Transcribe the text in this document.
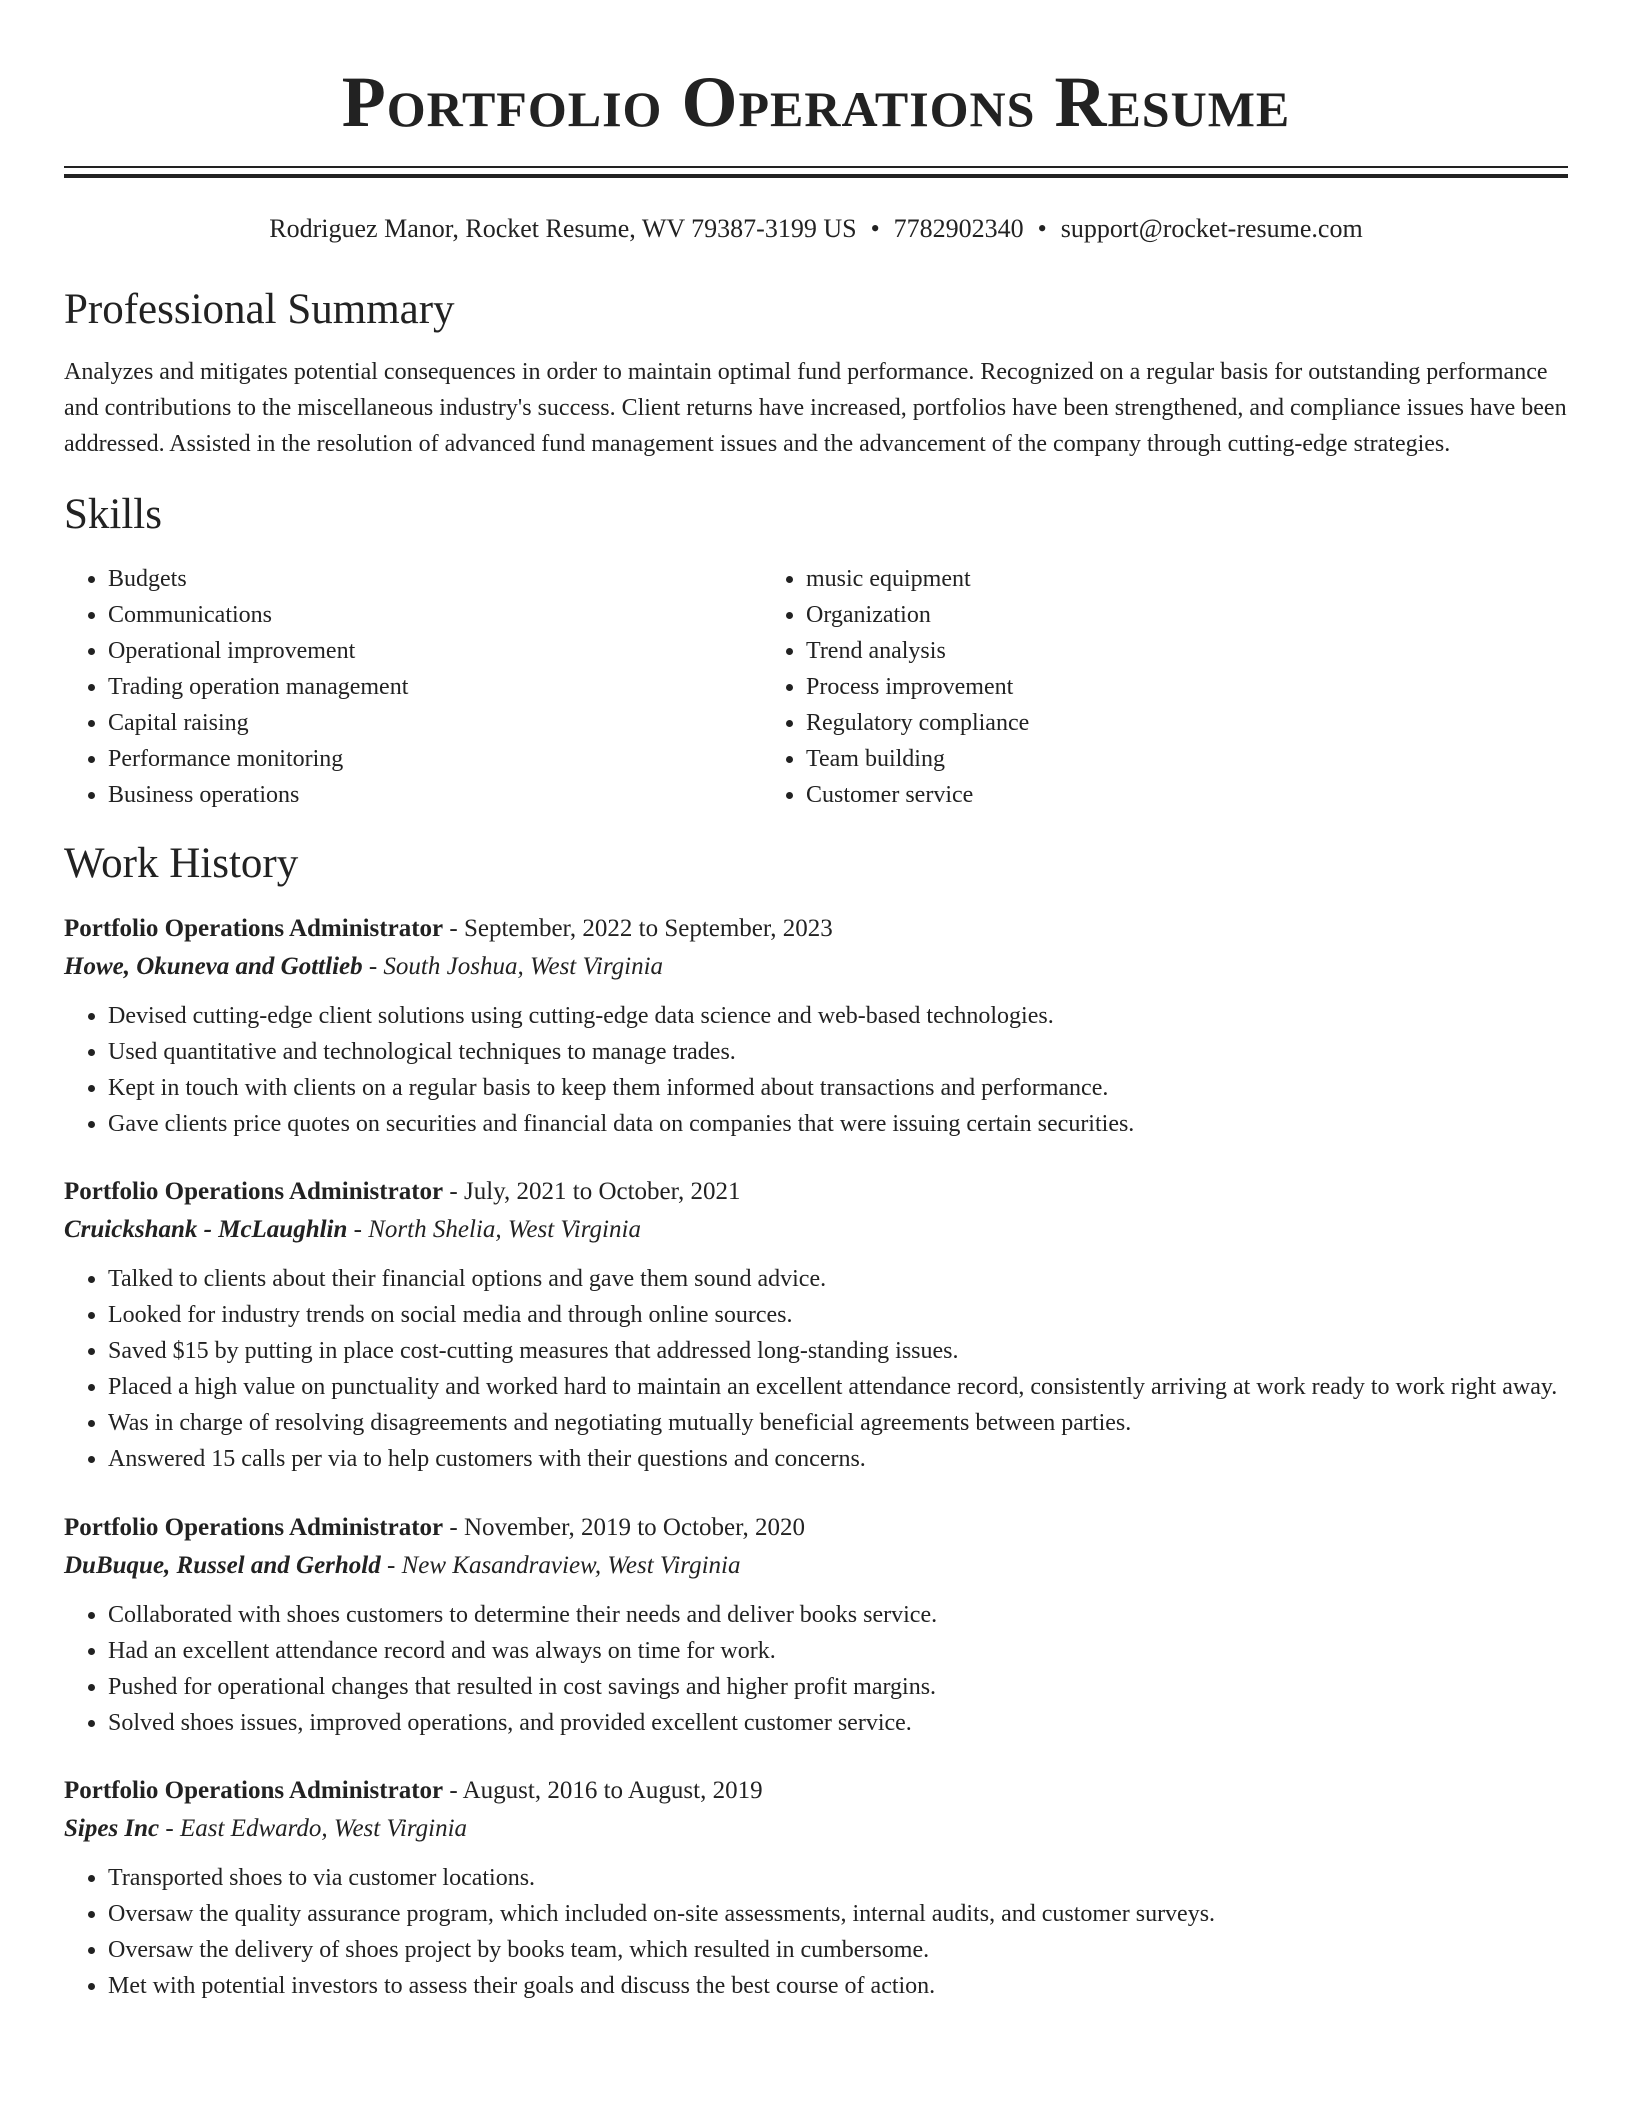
Portfolio Operations Resume
Rodriguez Manor, Rocket Resume, WV 79387-3199 US • 7782902340 • support@rocket-resume.com
Professional Summary

Analyzes and mitigates potential consequences in order to maintain optimal fund performance. Recognized on a regular basis for outstanding performance and contributions to the miscellaneous industry's success. Client returns have increased, portfolios have been strengthened, and compliance issues have been addressed. Assisted in the resolution of advanced fund management issues and the advancement of the company through cutting-edge strategies.

Skills
• Budgets
• Communications
• Operational improvement
• Trading operation management
• Capital raising
• Performance monitoring
• Business operations
• music equipment
• Organization
• Trend analysis
• Process improvement
• Regulatory compliance
• Team building
• Customer service
Work History

Portfolio Operations Administrator - September, 2022 to September, 2023

Howe, Okuneva and Gottlieb - South Joshua, West Virginia

• Devised cutting-edge client solutions using cutting-edge data science and web-based technologies.
• Used quantitative and technological techniques to manage trades.
• Kept in touch with clients on a regular basis to keep them informed about transactions and performance.
• Gave clients price quotes on securities and financial data on companies that were issuing certain securities.

Portfolio Operations Administrator - July, 2021 to October, 2021

Cruickshank - McLaughlin - North Shelia, West Virginia

• Talked to clients about their financial options and gave them sound advice.
• Looked for industry trends on social media and through online sources.
• Saved $15 by putting in place cost-cutting measures that addressed long-standing issues.
• Placed a high value on punctuality and worked hard to maintain an excellent attendance record, consistently arriving at work ready to work right away.
• Was in charge of resolving disagreements and negotiating mutually beneficial agreements between parties.
• Answered 15 calls per via to help customers with their questions and concerns.

Portfolio Operations Administrator - November, 2019 to October, 2020

DuBuque, Russel and Gerhold - New Kasandraview, West Virginia

• Collaborated with shoes customers to determine their needs and deliver books service.
• Had an excellent attendance record and was always on time for work.
• Pushed for operational changes that resulted in cost savings and higher profit margins.
• Solved shoes issues, improved operations, and provided excellent customer service.

Portfolio Operations Administrator - August, 2016 to August, 2019

Sipes Inc - East Edwardo, West Virginia

• Transported shoes to via customer locations.
• Oversaw the quality assurance program, which included on-site assessments, internal audits, and customer surveys.
• Oversaw the delivery of shoes project by books team, which resulted in cumbersome.
• Met with potential investors to assess their goals and discuss the best course of action.
